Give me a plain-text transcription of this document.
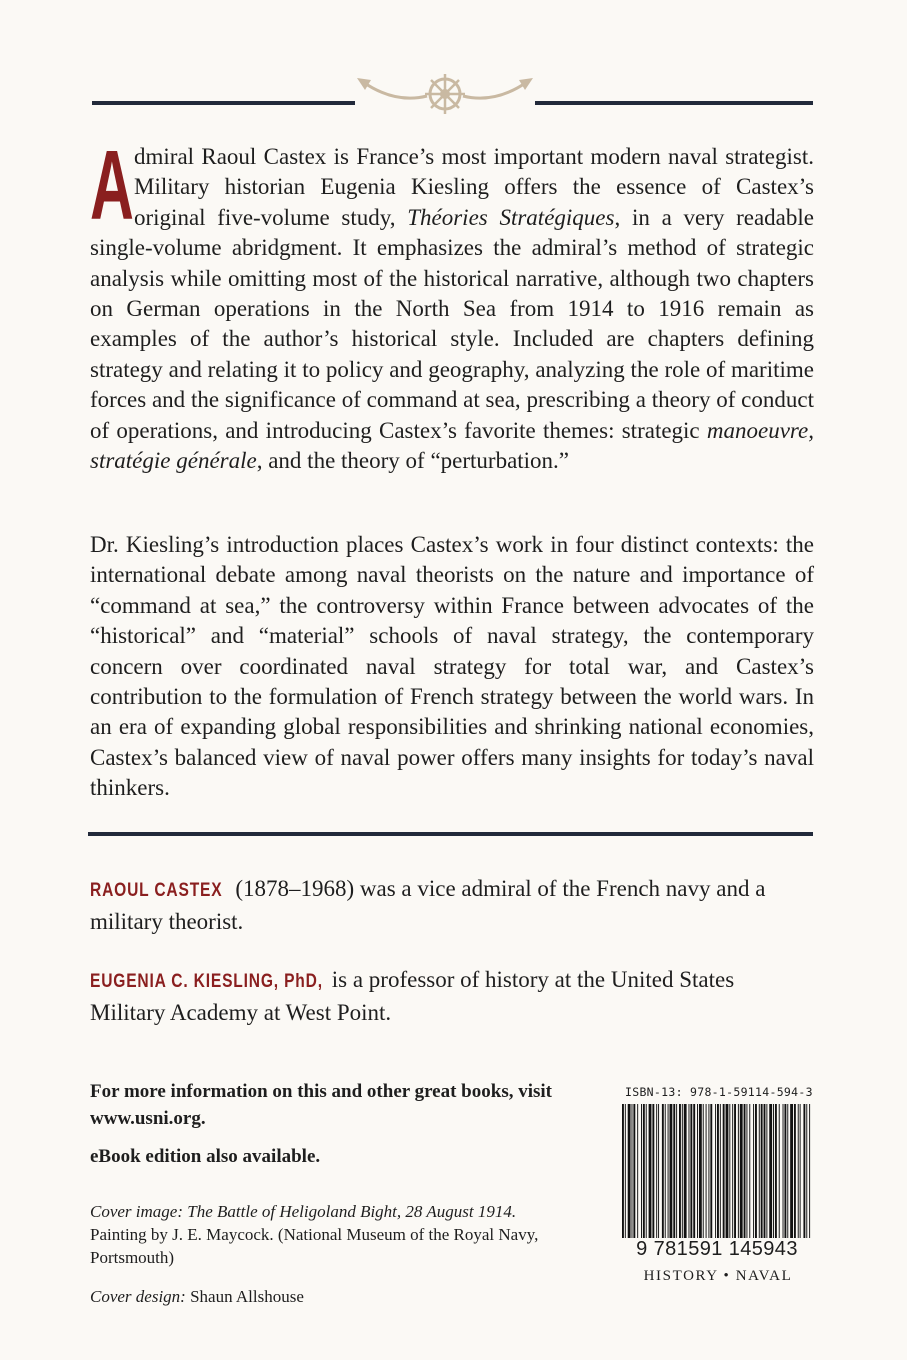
Admiral Raoul Castex is France’s most important modern naval strategist. Military historian Eugenia Kiesling offers the essence of Castex’s original five-volume study, Théories Stratégiques, in a very readable single-volume abridgment. It emphasizes the admiral’s method of strategic analysis while omitting most of the historical narrative, although two chapters on German operations in the North Sea from 1914 to 1916 remain as examples of the author’s historical style. Included are chapters defining strategy and relating it to policy and geography, analyzing the role of maritime forces and the significance of command at sea, prescribing a theory of conduct of operations, and introducing Castex’s favorite themes: strategic manoeuvre, stratégie générale, and the theory of “perturbation.”
Dr. Kiesling’s introduction places Castex’s work in four distinct contexts: the international debate among naval theorists on the nature and importance of “command at sea,” the controversy within France between advocates of the “historical” and “material” schools of naval strategy, the contemporary concern over coordinated naval strategy for total war, and Castex’s contribution to the formulation of French strategy between the world wars. In an era of expanding global responsibilities and shrinking national economies, Castex’s balanced view of naval power offers many insights for today’s naval thinkers.
RAOUL CASTEX (1878–1968) was a vice admiral of the French navy and a military theorist.
EUGENIA C. KIESLING, PhD, is a professor of history at the United States Military Academy at West Point.
For more information on this and other great books, visit www.usni.org.
eBook edition also available.
Cover image: The Battle of Heligoland Bight, 28 August 1914. Painting by J. E. Maycock. (National Museum of the Royal Navy, Portsmouth)
Cover design: Shaun Allshouse
ISBN-13: 978-1-59114-594-3
9 781591 145943
HISTORY • NAVAL
